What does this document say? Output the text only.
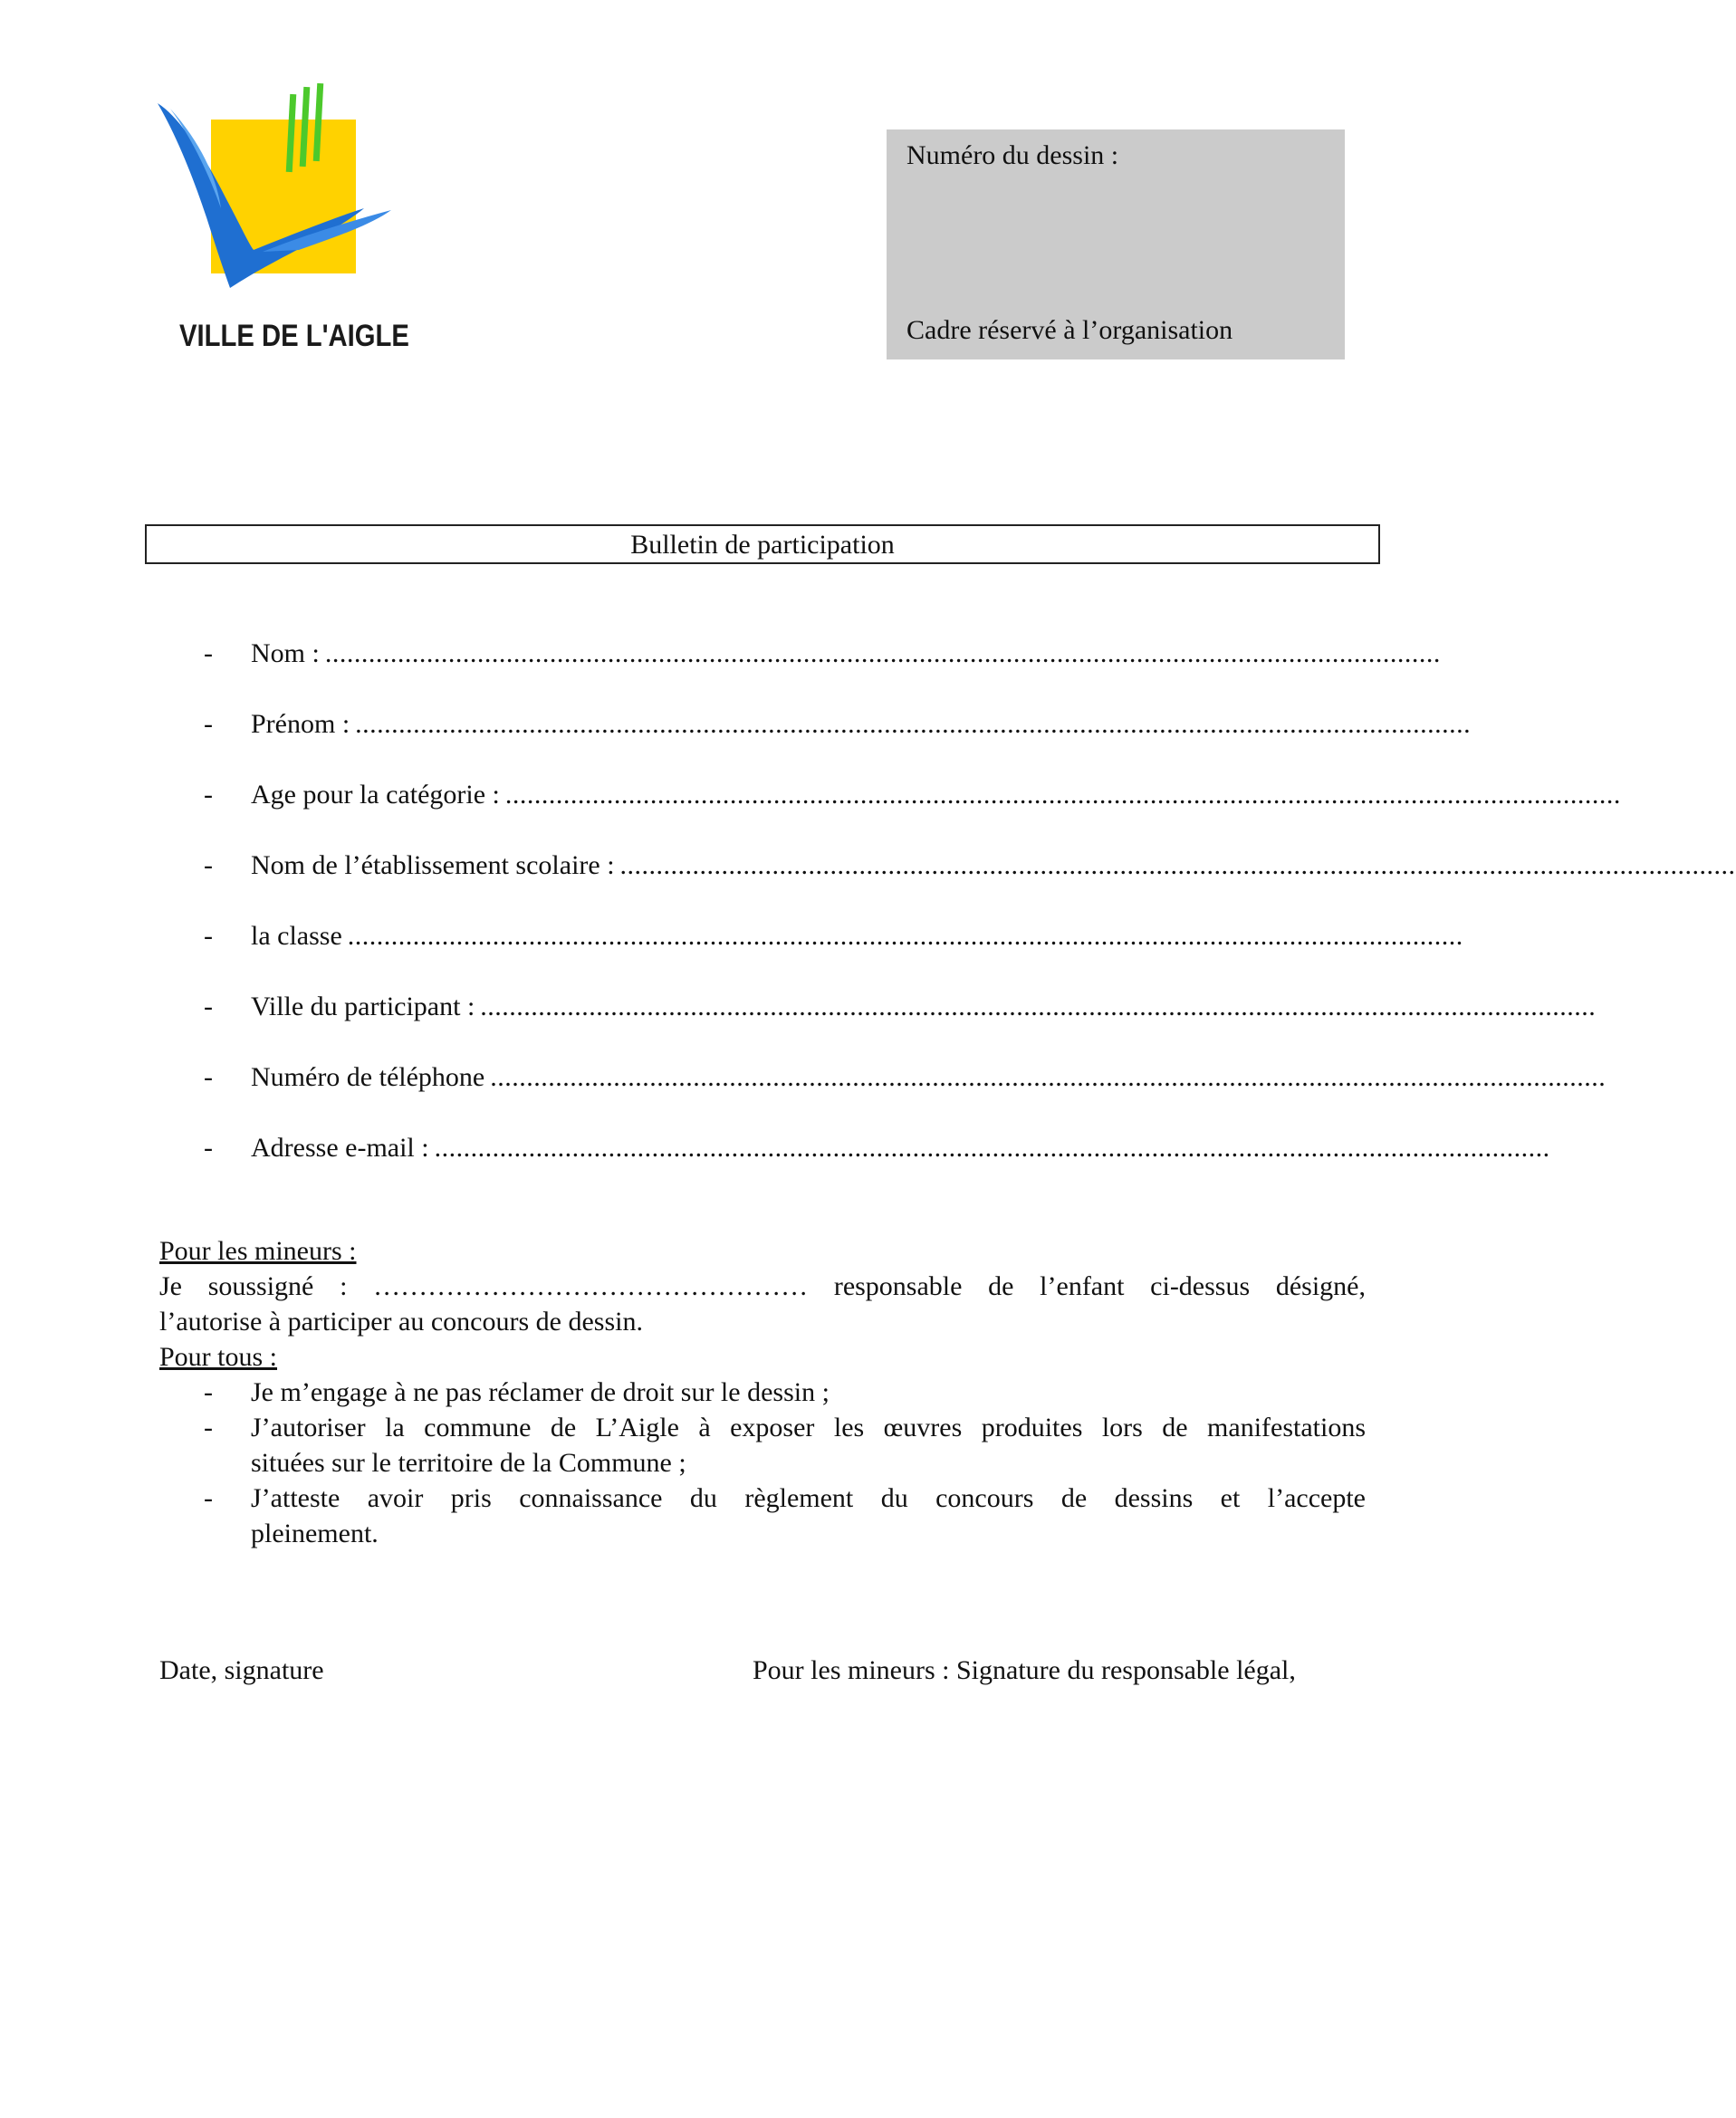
VILLE DE L'AIGLE
Numéro du dessin :
Cadre réservé à l’organisation
Bulletin de participation
- Nom : ..........................................................................................................................................................
- Prénom : ..........................................................................................................................................................
- Age pour la catégorie : ..........................................................................................................................................................
- Nom de l’établissement scolaire : ..........................................................................................................................................................
- la classe ..........................................................................................................................................................
- Ville du participant : ..........................................................................................................................................................
- Numéro de téléphone ..........................................................................................................................................................
- Adresse e-mail : ..........................................................................................................................................................
Pour les mineurs :
Je soussigné : ………………………………………… responsable de l’enfant ci-dessus désigné,
l’autorise à participer au concours de dessin.
Pour tous :
- Je m’engage à ne pas réclamer de droit sur le dessin ;
- J’autoriser la commune de L’Aigle à exposer les œuvres produites lors de manifestations
situées sur le territoire de la Commune ;
- J’atteste avoir pris connaissance du règlement du concours de dessins et l’accepte
pleinement.
Date, signature	Pour les mineurs : Signature du responsable légal,
